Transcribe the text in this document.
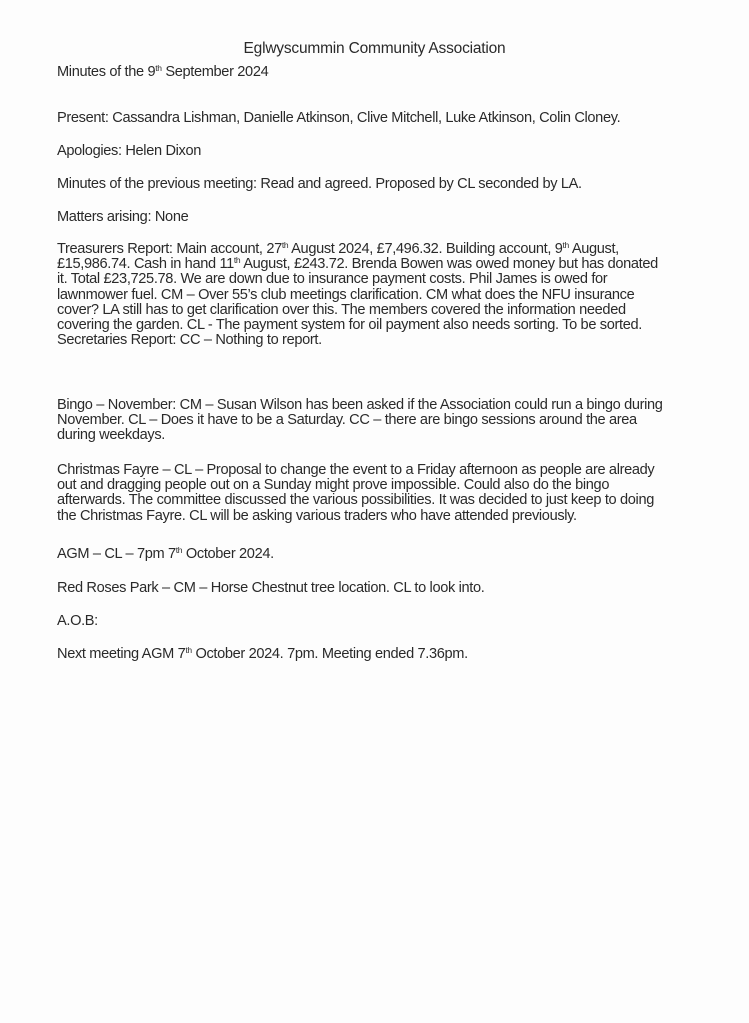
Eglwyscummin Community Association
Minutes of the 9th September 2024
Present: Cassandra Lishman, Danielle Atkinson, Clive Mitchell, Luke Atkinson, Colin Cloney.
Apologies: Helen Dixon
Minutes of the previous meeting: Read and agreed. Proposed by CL seconded by LA.
Matters arising: None
Treasurers Report: Main account, 27th August 2024, £7,496.32. Building account, 9th August,
£15,986.74. Cash in hand 11th August, £243.72. Brenda Bowen was owed money but has donated
it. Total £23,725.78. We are down due to insurance payment costs. Phil James is owed for
lawnmower fuel. CM – Over 55’s club meetings clarification. CM what does the NFU insurance
cover? LA still has to get clarification over this. The members covered the information needed
covering the garden. CL - The payment system for oil payment also needs sorting. To be sorted.
Secretaries Report: CC – Nothing to report.
Bingo – November: CM – Susan Wilson has been asked if the Association could run a bingo during
November. CL – Does it have to be a Saturday. CC – there are bingo sessions around the area
during weekdays.
Christmas Fayre – CL – Proposal to change the event to a Friday afternoon as people are already
out and dragging people out on a Sunday might prove impossible. Could also do the bingo
afterwards. The committee discussed the various possibilities. It was decided to just keep to doing
the Christmas Fayre. CL will be asking various traders who have attended previously.
AGM – CL – 7pm 7th October 2024.
Red Roses Park – CM – Horse Chestnut tree location. CL to look into.
A.O.B:
Next meeting AGM 7th October 2024. 7pm. Meeting ended 7.36pm.
